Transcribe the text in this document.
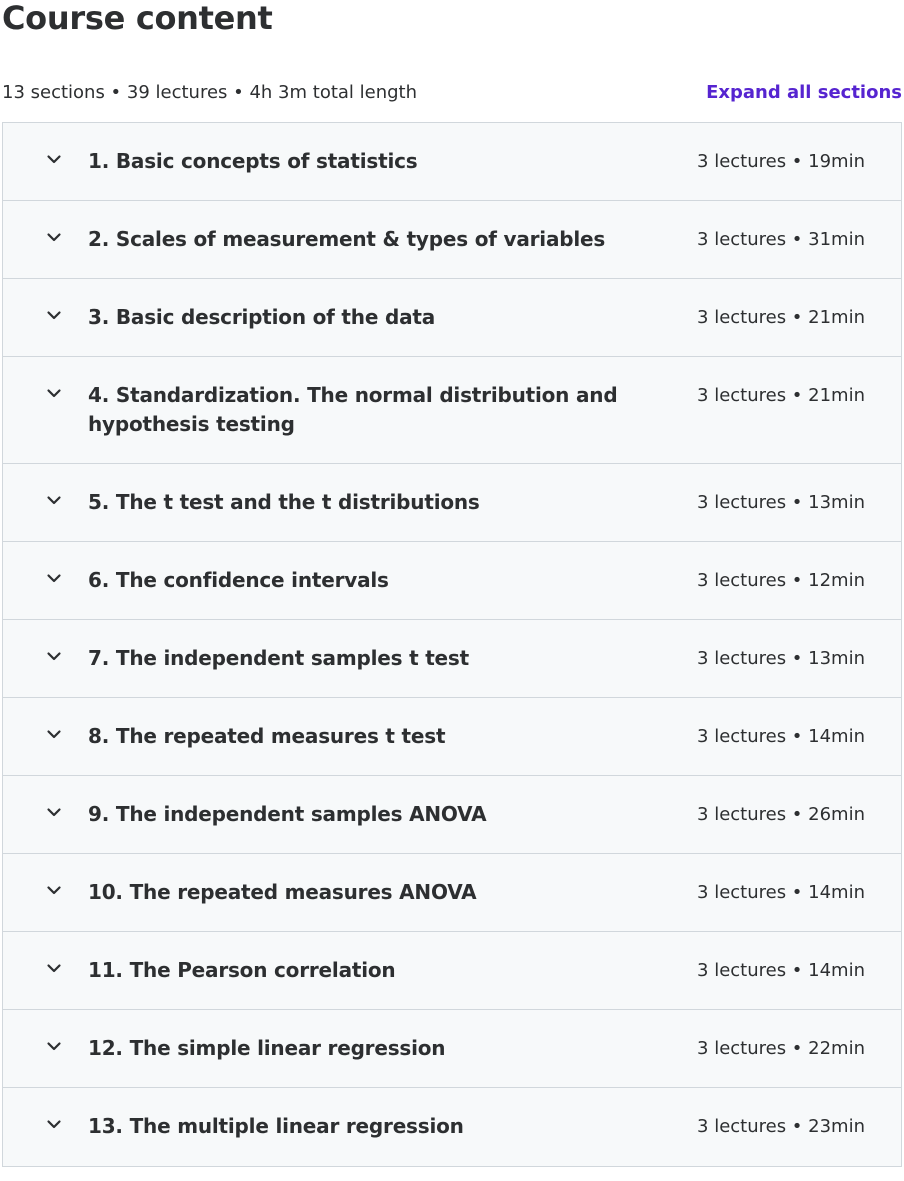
Course content
13 sections • 39 lectures • 4h 3m total length	Expand all sections
1. Basic concepts of statistics	3 lectures • 19min
2. Scales of measurement & types of variables	3 lectures • 31min
3. Basic description of the data	3 lectures • 21min
4. Standardization. The normal distribution and hypothesis testing
3 lectures • 21min
5. The t test and the t distributions	3 lectures • 13min
6. The confidence intervals	3 lectures • 12min
7. The independent samples t test	3 lectures • 13min
8. The repeated measures t test	3 lectures • 14min
9. The independent samples ANOVA	3 lectures • 26min
10. The repeated measures ANOVA	3 lectures • 14min
11. The Pearson correlation	3 lectures • 14min
12. The simple linear regression	3 lectures • 22min
13. The multiple linear regression	3 lectures • 23min
